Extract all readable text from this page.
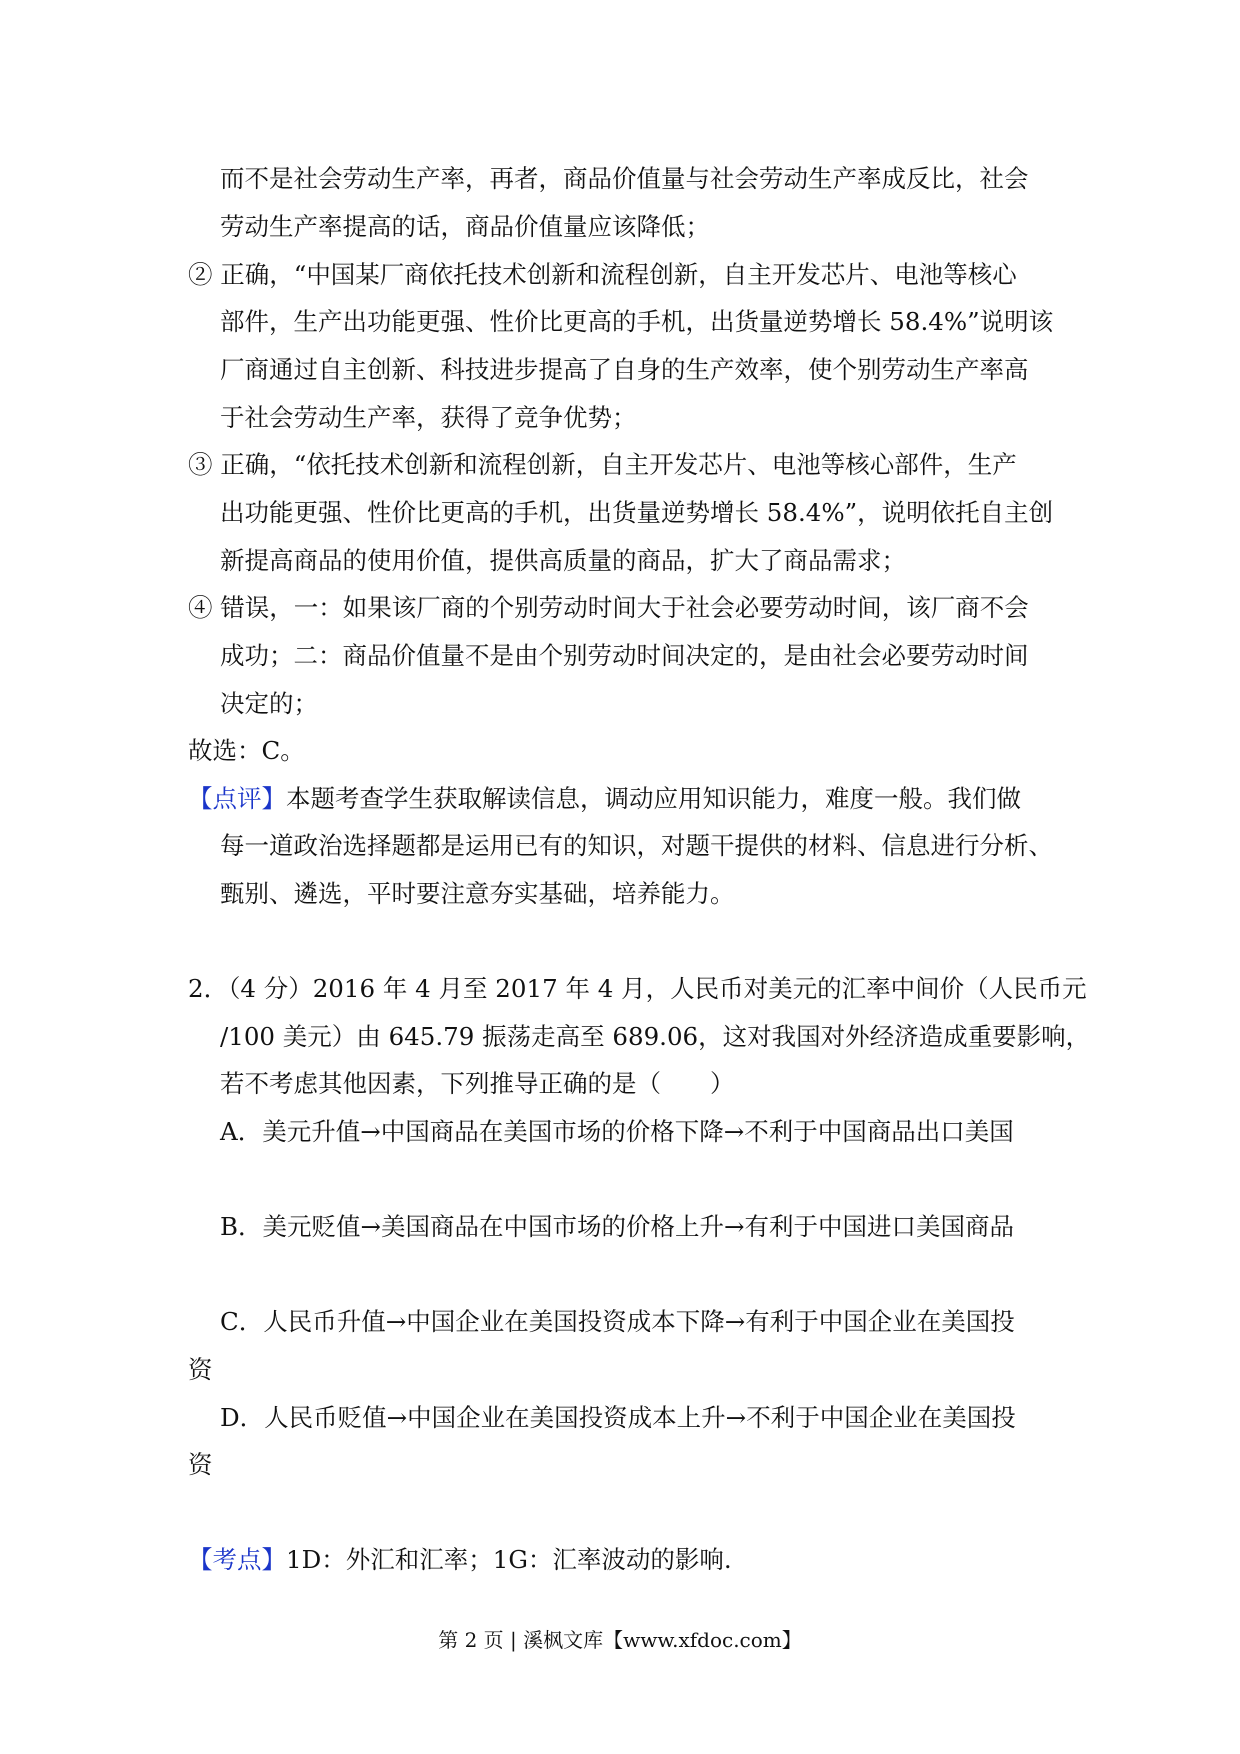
而不是社会劳动生产率，再者，商品价值量与社会劳动生产率成反比，社会
劳动生产率提高的话，商品价值量应该降低；
② 正确，“中国某厂商依托技术创新和流程创新，自主开发芯片、电池等核心
部件，生产出功能更强、性价比更高的手机，出货量逆势增长 58.4%”说明该
厂商通过自主创新、科技进步提高了自身的生产效率，使个别劳动生产率高
于社会劳动生产率，获得了竞争优势；
③ 正确，“依托技术创新和流程创新，自主开发芯片、电池等核心部件，生产
出功能更强、性价比更高的手机，出货量逆势增长 58.4%”，说明依托自主创
新提高商品的使用价值，提供高质量的商品，扩大了商品需求；
④ 错误，一：如果该厂商的个别劳动时间大于社会必要劳动时间，该厂商不会
成功；二：商品价值量不是由个别劳动时间决定的，是由社会必要劳动时间
决定的；
故选：C。
【点评】本题考查学生获取解读信息，调动应用知识能力，难度一般。我们做
每一道政治选择题都是运用已有的知识，对题干提供的材料、信息进行分析、
甄别、遴选，平时要注意夯实基础，培养能力。
2．（4 分）2016 年 4 月至 2017 年 4 月，人民币对美元的汇率中间价（人民币元
/100 美元）由 645.79 振荡走高至 689.06，这对我国对外经济造成重要影响，
若不考虑其他因素，下列推导正确的是（　　）
A．美元升值→中国商品在美国市场的价格下降→不利于中国商品出口美国
B．美元贬值→美国商品在中国市场的价格上升→有利于中国进口美国商品
C．人民币升值→中国企业在美国投资成本下降→有利于中国企业在美国投
资
D．人民币贬值→中国企业在美国投资成本上升→不利于中国企业在美国投
资
【考点】1D：外汇和汇率；1G：汇率波动的影响.
第 2 页 | 溪枫文库【www.xfdoc.com】
